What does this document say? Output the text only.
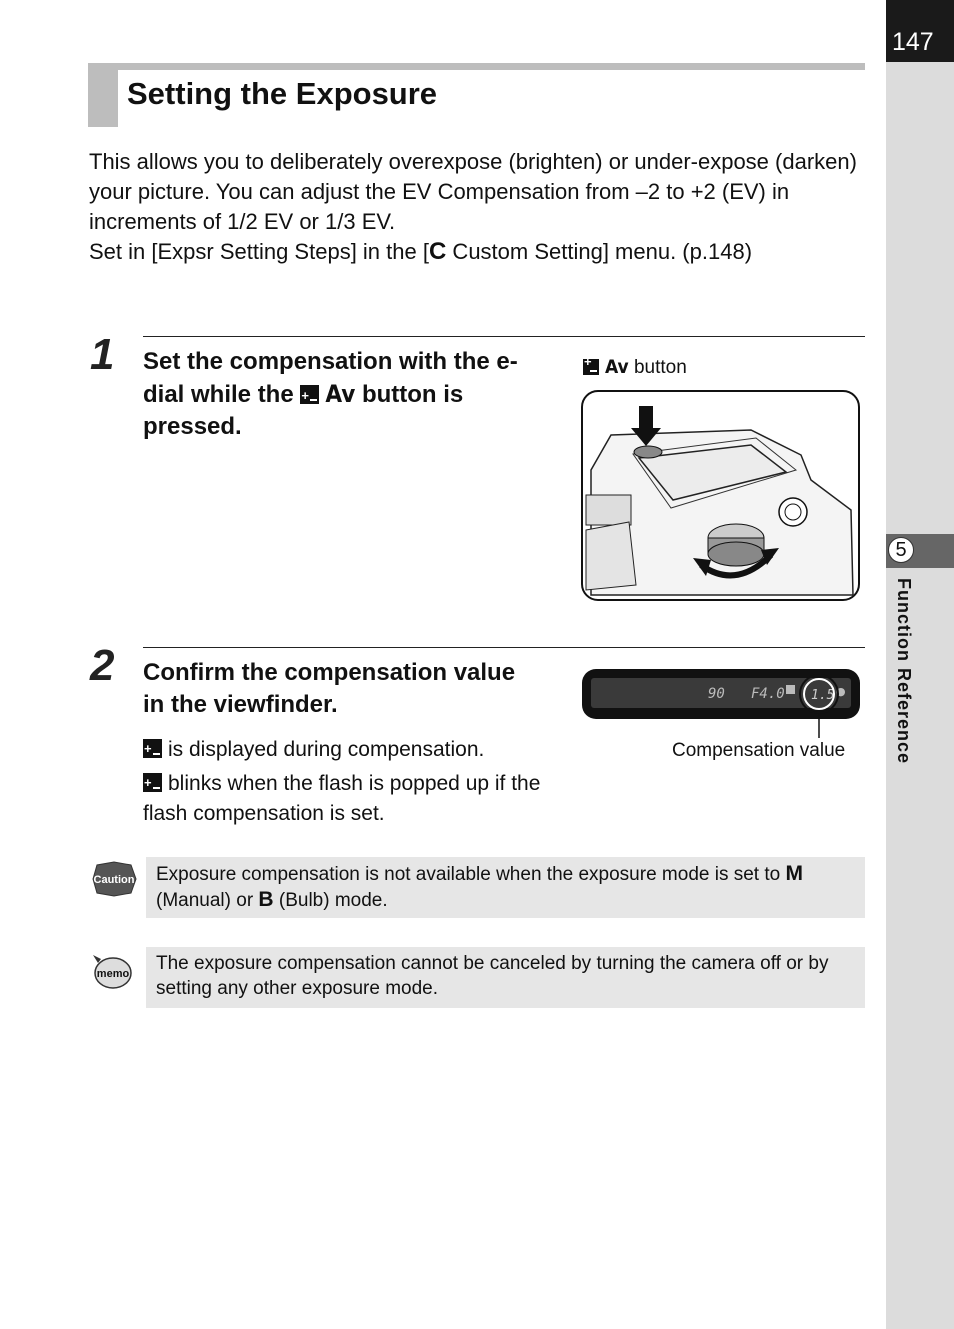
147
5
Function Reference
Setting the Exposure

This allows you to deliberately overexpose (brighten) or under-expose (darken) your picture. You can adjust the EV Compensation from –2 to +2 (EV) in increments of 1/2 EV or 1/3 EV.

Set in [Expsr Setting Steps] in the [C Custom Setting] menu. (p.148)

1 Set the compensation with the e-dial while the +Av button is pressed.
+Av button
2 Confirm the compensation value in the viewfinder.
+is displayed during compensation.
+blinks when the flash is popped up if the flash compensation is set.
90 F4.0 1.5 ●
Compensation value
Caution	Exposure compensation is not available when the exposure mode is set to M (Manual) or B (Bulb) mode.
memo	The exposure compensation cannot be canceled by turning the camera off or by setting any other exposure mode.
